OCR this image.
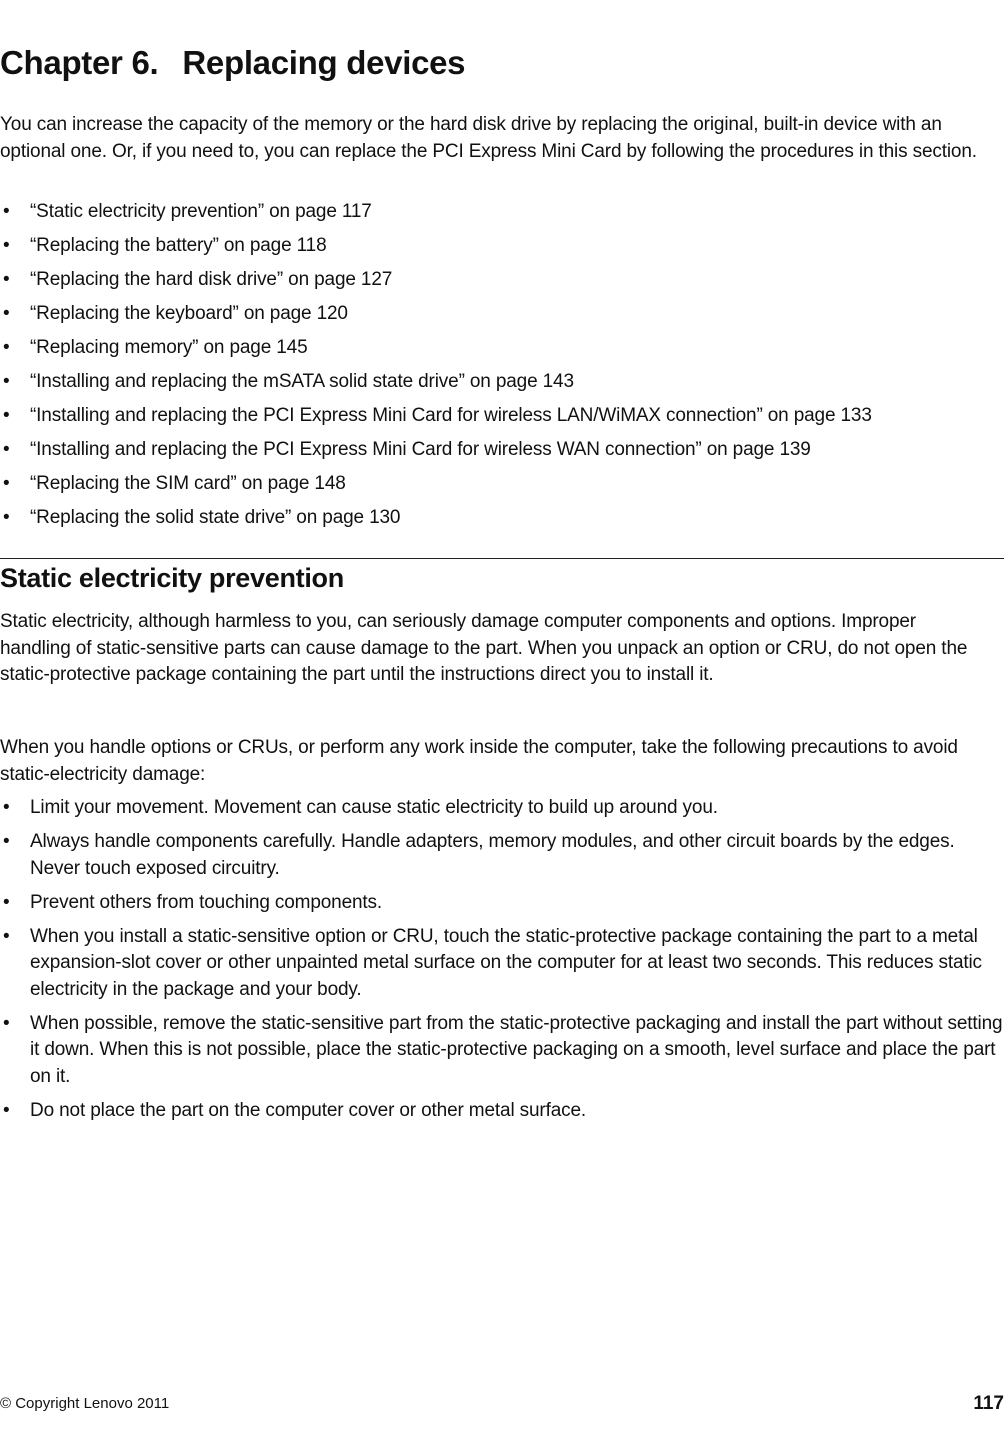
Chapter 6. Replacing devices

You can increase the capacity of the memory or the hard disk drive by replacing the original, built-in device with an optional one. Or, if you need to, you can replace the PCI Express Mini Card by following the procedures in this section.

• “Static electricity prevention” on page 117
• “Replacing the battery” on page 118
• “Replacing the hard disk drive” on page 127
• “Replacing the keyboard” on page 120
• “Replacing memory” on page 145
• “Installing and replacing the mSATA solid state drive” on page 143
• “Installing and replacing the PCI Express Mini Card for wireless LAN/WiMAX connection” on page 133
• “Installing and replacing the PCI Express Mini Card for wireless WAN connection” on page 139
• “Replacing the SIM card” on page 148
• “Replacing the solid state drive” on page 130
Static electricity prevention

Static electricity, although harmless to you, can seriously damage computer components and options. Improper handling of static-sensitive parts can cause damage to the part. When you unpack an option or CRU, do not open the static-protective package containing the part until the instructions direct you to install it.

When you handle options or CRUs, or perform any work inside the computer, take the following precautions to avoid static-electricity damage:

• Limit your movement. Movement can cause static electricity to build up around you.
• Always handle components carefully. Handle adapters, memory modules, and other circuit boards by the edges. Never touch exposed circuitry.
• Prevent others from touching components.
• When you install a static-sensitive option or CRU, touch the static-protective package containing the part to a metal expansion-slot cover or other unpainted metal surface on the computer for at least two seconds. This reduces static electricity in the package and your body.
• When possible, remove the static-sensitive part from the static-protective packaging and install the part without setting it down. When this is not possible, place the static-protective packaging on a smooth, level surface and place the part on it.
• Do not place the part on the computer cover or other metal surface.
© Copyright Lenovo 2011	117
